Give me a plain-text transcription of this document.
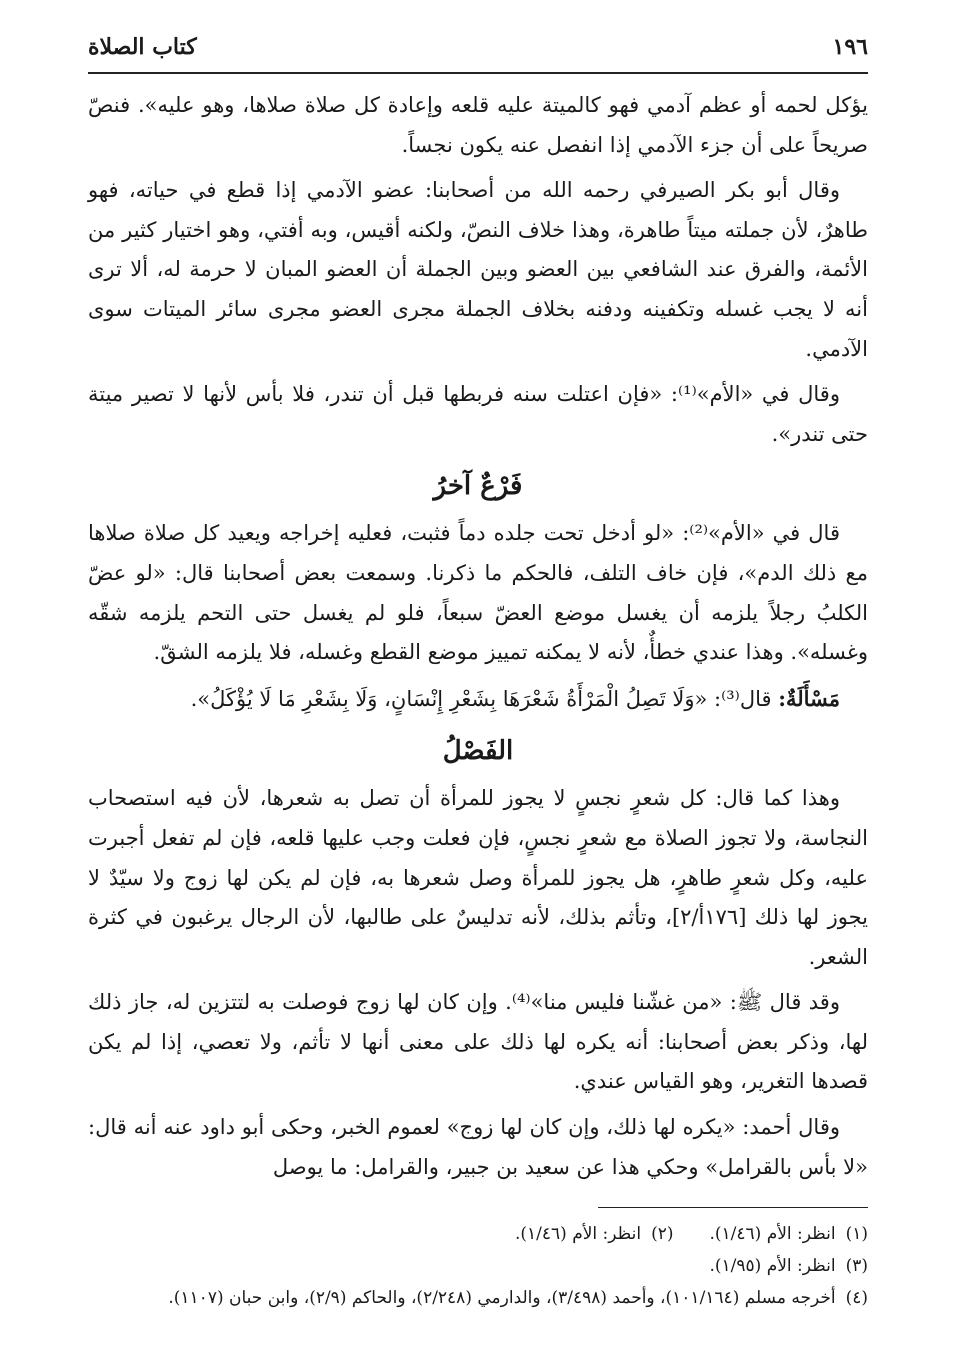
١٩٦
كتاب الصلاة

يؤكل لحمه أو عظم آدمي فهو كالميتة عليه قلعه وإعادة كل صلاة صلاها، وهو عليه». فنصّ صريحاً على أن جزء الآدمي إذا انفصل عنه يكون نجساً.

وقال أبو بكر الصيرفي رحمه الله من أصحابنا: عضو الآدمي إذا قطع في حياته، فهو طاهرٌ، لأن جملته ميتاً طاهرة، وهذا خلاف النصّ، ولكنه أقيس، وبه أفتي، وهو اختيار كثير من الأئمة، والفرق عند الشافعي بين العضو وبين الجملة أن العضو المبان لا حرمة له، ألا ترى أنه لا يجب غسله وتكفينه ودفنه بخلاف الجملة مجرى العضو مجرى سائر الميتات سوى الآدمي.

وقال في «الأم»⁽¹⁾: «فإن اعتلت سنه فربطها قبل أن تندر، فلا بأس لأنها لا تصير ميتة حتى تندر».

فَرْعٌ آخرُ

قال في «الأم»⁽²⁾: «لو أدخل تحت جلده دماً فثبت، فعليه إخراجه ويعيد كل صلاة صلاها مع ذلك الدم»، فإن خاف التلف، فالحكم ما ذكرنا. وسمعت بعض أصحابنا قال: «لو عضّ الكلبُ رجلاً يلزمه أن يغسل موضع العضّ سبعاً، فلو لم يغسل حتى التحم يلزمه شقّه وغسله». وهذا عندي خطأٌ، لأنه لا يمكنه تمييز موضع القطع وغسله، فلا يلزمه الشقّ.

مَسْأَلَةٌ: قال⁽³⁾: «وَلَا تَصِلُ الْمَرْأَةُ شَعْرَهَا بِشَعْرِ إِنْسَانٍ، وَلَا بِشَعْرِ مَا لَا يُؤْكَلُ».

الفَصْلُ

وهذا كما قال: كل شعرٍ نجسٍ لا يجوز للمرأة أن تصل به شعرها، لأن فيه استصحاب النجاسة، ولا تجوز الصلاة مع شعرٍ نجسٍ، فإن فعلت وجب عليها قلعه، فإن لم تفعل أجبرت عليه، وكل شعرٍ طاهرٍ، هل يجوز للمرأة وصل شعرها به، فإن لم يكن لها زوج ولا سيّدٌ لا يجوز لها ذلك [١٧٦أ/٢]، وتأثم بذلك، لأنه تدليسٌ على طالبها، لأن الرجال يرغبون في كثرة الشعر.

وقد قال ﷺ: «من غشّنا فليس منا»⁽⁴⁾. وإن كان لها زوج فوصلت به لتتزين له، جاز ذلك لها، وذكر بعض أصحابنا: أنه يكره لها ذلك على معنى أنها لا تأثم، ولا تعصي، إذا لم يكن قصدها التغرير، وهو القياس عندي.

وقال أحمد: «يكره لها ذلك، وإن كان لها زوج» لعموم الخبر، وحكى أبو داود عنه أنه قال: «لا بأس بالقرامل» وحكي هذا عن سعيد بن جبير، والقرامل: ما يوصل

(١)انظر: الأم (١/٤٦).
(٢)انظر: الأم (١/٤٦).
(٣)انظر: الأم (١/٩٥).
(٤)أخرجه مسلم (١٠١/١٦٤)، وأحمد (٣/٤٩٨)، والدارمي (٢/٢٤٨)، والحاكم (٢/٩)، وابن حبان (١١٠٧).
